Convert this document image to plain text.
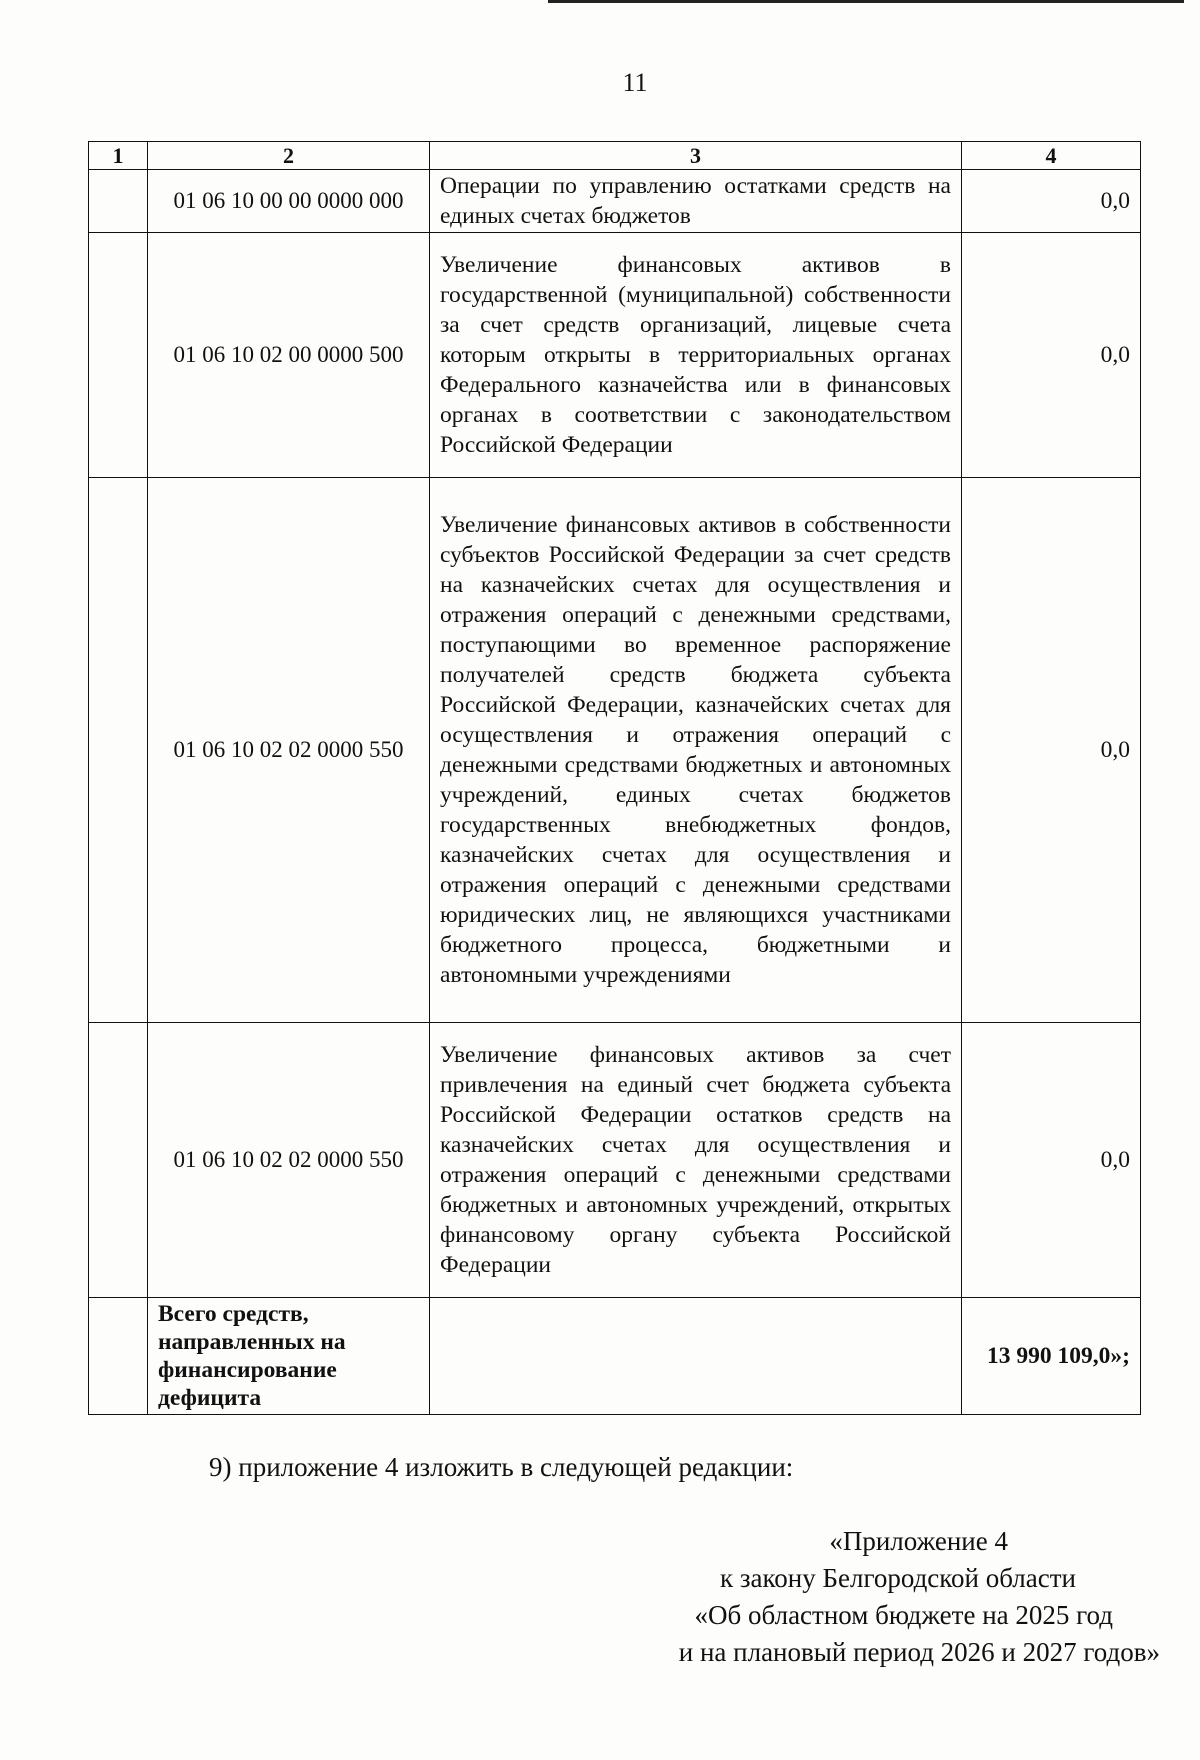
11
1	2	3	4
	01 06 10 00 00 0000 000	Операции по управлению остатками средств на единых счетах бюджетов	0,0
	01 06 10 02 00 0000 500	Увеличение финансовых активов в государственной (муниципальной) собственности за счет средств организаций, лицевые счета которым открыты в территориальных органах Федерального казначейства или в финансовых органах в соответствии с законодательством Российской Федерации	0,0
	01 06 10 02 02 0000 550	Увеличение финансовых активов в собственности субъектов Российской Федерации за счет средств на казначейских счетах для осуществления и отражения операций с денежными средствами, поступающими во временное распоряжение получателей средств бюджета субъекта Российской Федерации, казначейских счетах для осуществления и отражения операций с денежными средствами бюджетных и автономных учреждений, единых счетах бюджетов государственных внебюджетных фондов, казначейских счетах для осуществления и отражения операций с денежными средствами юридических лиц, не являющихся участниками бюджетного процесса, бюджетными и автономными учреждениями	0,0
	01 06 10 02 02 0000 550	Увеличение финансовых активов за счет привлечения на единый счет бюджета субъекта Российской Федерации остатков средств на казначейских счетах для осуществления и отражения операций с денежными средствами бюджетных и автономных учреждений, открытых финансовому органу субъекта Российской Федерации	0,0
	Всего средств, направленных на финансирование дефицита		13 990 109,0»;
9) приложение 4 изложить в следующей редакции:
«Приложение 4
к закону Белгородской области
«Об областном бюджете на 2025 год
и на плановый период 2026 и 2027 годов»
